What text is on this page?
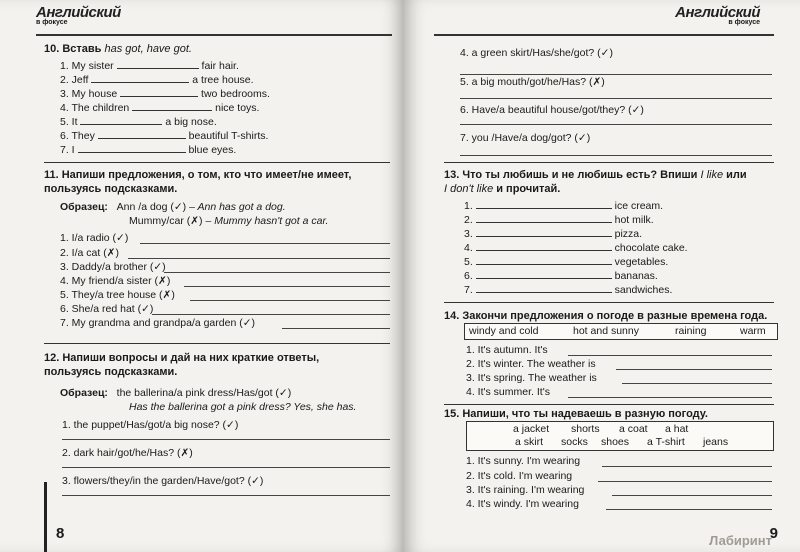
Английский
в фокусе
10. Вставь has got, have got.
1. My sister	fair hair.
2. Jeff	a tree house.
3. My house	two bedrooms.
4. The children	nice toys.
5. It	a big nose.
6. They	beautiful T-shirts.
7. I	blue eyes.
11. Напиши предложения, о том, кто что имеет/не имеет,
пользуясь подсказками.
Образец: Ann /a dog (✓) – Ann has got a dog.
Mummy/car (✗) – Mummy hasn't got a car.
1. I/a radio (✓)
2. I/a cat (✗)
3. Daddy/a brother (✓)
4. My friend/a sister (✗)
5. They/a tree house (✗)
6. She/a red hat (✓)
7. My grandma and grandpa/a garden (✓)
12. Напиши вопросы и дай на них краткие ответы,
пользуясь подсказками.
Образец: the ballerina/a pink dress/Has/got (✓)
Has the ballerina got a pink dress? Yes, she has.
1. the puppet/Has/got/a big nose? (✓)
2. dark hair/got/he/Has? (✗)
3. flowers/they/in the garden/Have/got? (✓)
8
Английский
в фокусе
4. a green skirt/Has/she/got? (✓)
5. a big mouth/got/he/Has? (✗)
6. Have/a beautiful house/got/they? (✓)
7. you /Have/a dog/got? (✓)
13. Что ты любишь и не любишь есть? Впиши I like или
I don't like и прочитай.
1.	ice cream.
2.	hot milk.
3.	pizza.
4.	chocolate cake.
5.	vegetables.
6.	bananas.
7.	sandwiches.
14. Закончи предложения о погоде в разные времена года.
windy and cold	hot and sunny	raining	warm
1. It's autumn. It's
2. It's winter. The weather is
3. It's spring. The weather is
4. It's summer. It's
15. Напиши, что ты надеваешь в разную погоду.
a jacket shorts a coat a hat
a skirt socks shoes a T-shirt jeans
1. It's sunny. I'm wearing
2. It's cold. I'm wearing
3. It's raining. I'm wearing
4. It's windy. I'm wearing
9
Лабиринт
